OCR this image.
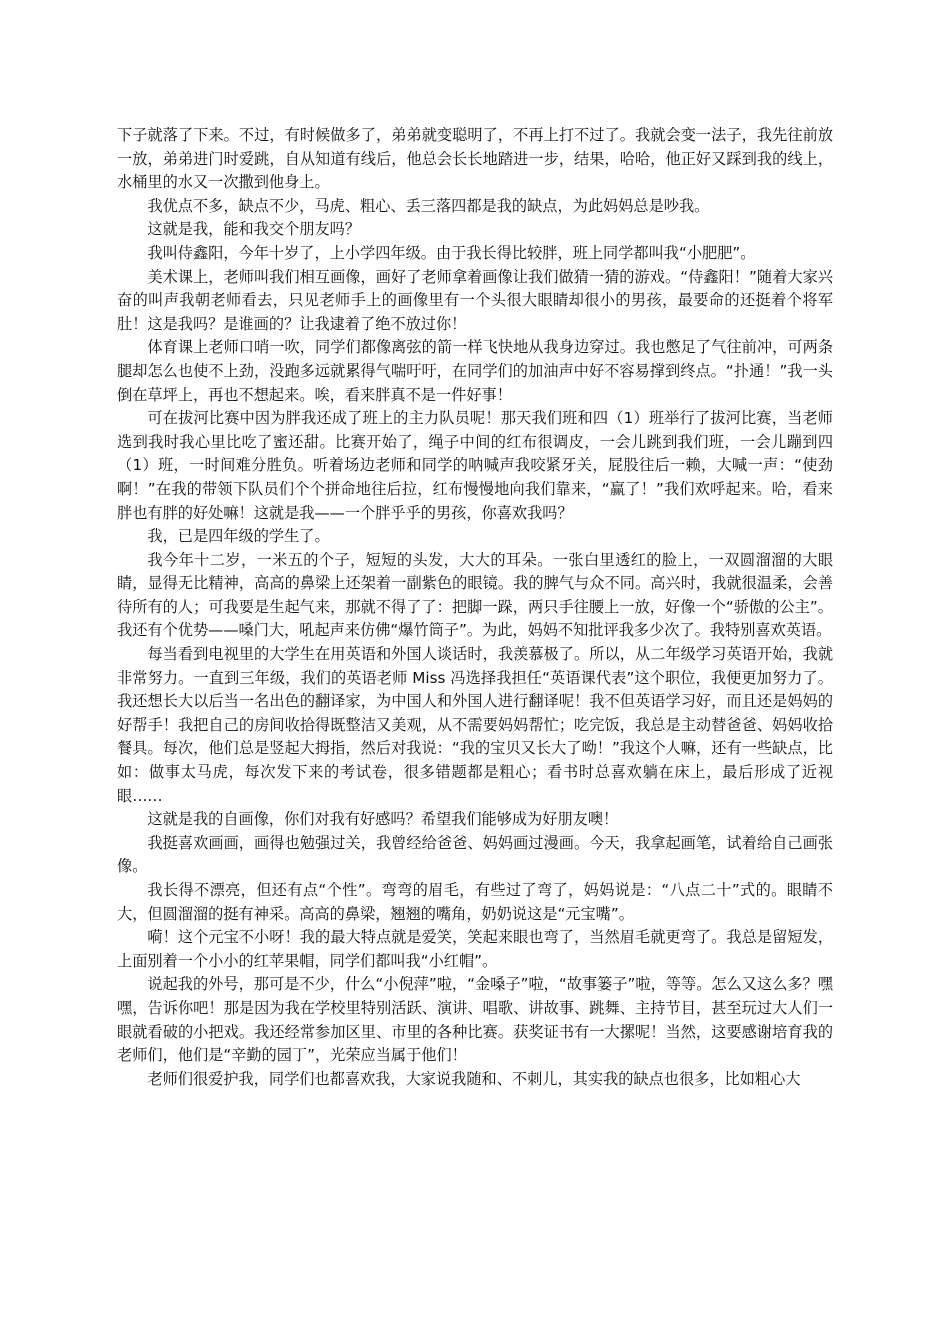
下子就落了下来。不过，有时候做多了，弟弟就变聪明了，不再上打不过了。我就会变一法子，我先往前放一放，弟弟进门时爱跳，自从知道有线后，他总会长长地踏进一步，结果，哈哈，他正好又踩到我的线上，水桶里的水又一次撒到他身上。

我优点不多，缺点不少，马虎、粗心、丢三落四都是我的缺点，为此妈妈总是吵我。

这就是我，能和我交个朋友吗？

我叫侍鑫阳，今年十岁了，上小学四年级。由于我长得比较胖，班上同学都叫我“小肥肥”。

美术课上，老师叫我们相互画像，画好了老师拿着画像让我们做猜一猜的游戏。“侍鑫阳！”随着大家兴奋的叫声我朝老师看去，只见老师手上的画像里有一个头很大眼睛却很小的男孩，最要命的还挺着个将军肚！这是我吗？是谁画的？让我逮着了绝不放过你！

体育课上老师口哨一吹，同学们都像离弦的箭一样飞快地从我身边穿过。我也憋足了气往前冲，可两条腿却怎么也使不上劲，没跑多远就累得气喘吁吁，在同学们的加油声中好不容易撑到终点。“扑通！”我一头倒在草坪上，再也不想起来。唉，看来胖真不是一件好事！

可在拔河比赛中因为胖我还成了班上的主力队员呢！那天我们班和四（1）班举行了拔河比赛，当老师选到我时我心里比吃了蜜还甜。比赛开始了，绳子中间的红布很调皮，一会儿跳到我们班，一会儿蹦到四（1）班，一时间难分胜负。听着场边老师和同学的呐喊声我咬紧牙关，屁股往后一赖，大喊一声：“使劲啊！”在我的带领下队员们个个拼命地往后拉，红布慢慢地向我们靠来，“赢了！”我们欢呼起来。哈，看来胖也有胖的好处嘛！这就是我——一个胖乎乎的男孩，你喜欢我吗？

我，已是四年级的学生了。

我今年十二岁，一米五的个子，短短的头发，大大的耳朵。一张白里透红的脸上，一双圆溜溜的大眼睛，显得无比精神，高高的鼻梁上还架着一副紫色的眼镜。我的脾气与众不同。高兴时，我就很温柔，会善待所有的人；可我要是生起气来，那就不得了了：把脚一跺，两只手往腰上一放，好像一个“骄傲的公主”。我还有个优势——嗓门大，吼起声来仿佛“爆竹筒子”。为此，妈妈不知批评我多少次了。我特别喜欢英语。

每当看到电视里的大学生在用英语和外国人谈话时，我羡慕极了。所以，从二年级学习英语开始，我就非常努力。一直到三年级，我们的英语老师 Miss 冯选择我担任“英语课代表”这个职位，我便更加努力了。我还想长大以后当一名出色的翻译家，为中国人和外国人进行翻译呢！我不但英语学习好，而且还是妈妈的好帮手！我把自己的房间收拾得既整洁又美观，从不需要妈妈帮忙；吃完饭，我总是主动替爸爸、妈妈收拾餐具。每次，他们总是竖起大拇指，然后对我说：“我的宝贝又长大了呦！”我这个人嘛，还有一些缺点，比如：做事太马虎，每次发下来的考试卷，很多错题都是粗心；看书时总喜欢躺在床上，最后形成了近视眼……

这就是我的自画像，你们对我有好感吗？希望我们能够成为好朋友噢！

我挺喜欢画画，画得也勉强过关，我曾经给爸爸、妈妈画过漫画。今天，我拿起画笔，试着给自己画张像。

我长得不漂亮，但还有点“个性”。弯弯的眉毛，有些过了弯了，妈妈说是：“八点二十”式的。眼睛不大，但圆溜溜的挺有神采。高高的鼻梁，翘翘的嘴角，奶奶说这是“元宝嘴”。

嗬！这个元宝不小呀！我的最大特点就是爱笑，笑起来眼也弯了，当然眉毛就更弯了。我总是留短发，上面别着一个小小的红苹果帽，同学们都叫我“小红帽”。

说起我的外号，那可是不少，什么“小倪萍”啦，“金嗓子”啦，“故事篓子”啦，等等。怎么又这么多？嘿嘿，告诉你吧！那是因为我在学校里特别活跃、演讲、唱歌、讲故事、跳舞、主持节目，甚至玩过大人们一眼就看破的小把戏。我还经常参加区里、市里的各种比赛。获奖证书有一大摞呢！当然，这要感谢培育我的老师们，他们是“辛勤的园丁”，光荣应当属于他们！

老师们很爱护我，同学们也都喜欢我，大家说我随和、不刺儿，其实我的缺点也很多，比如粗心大
